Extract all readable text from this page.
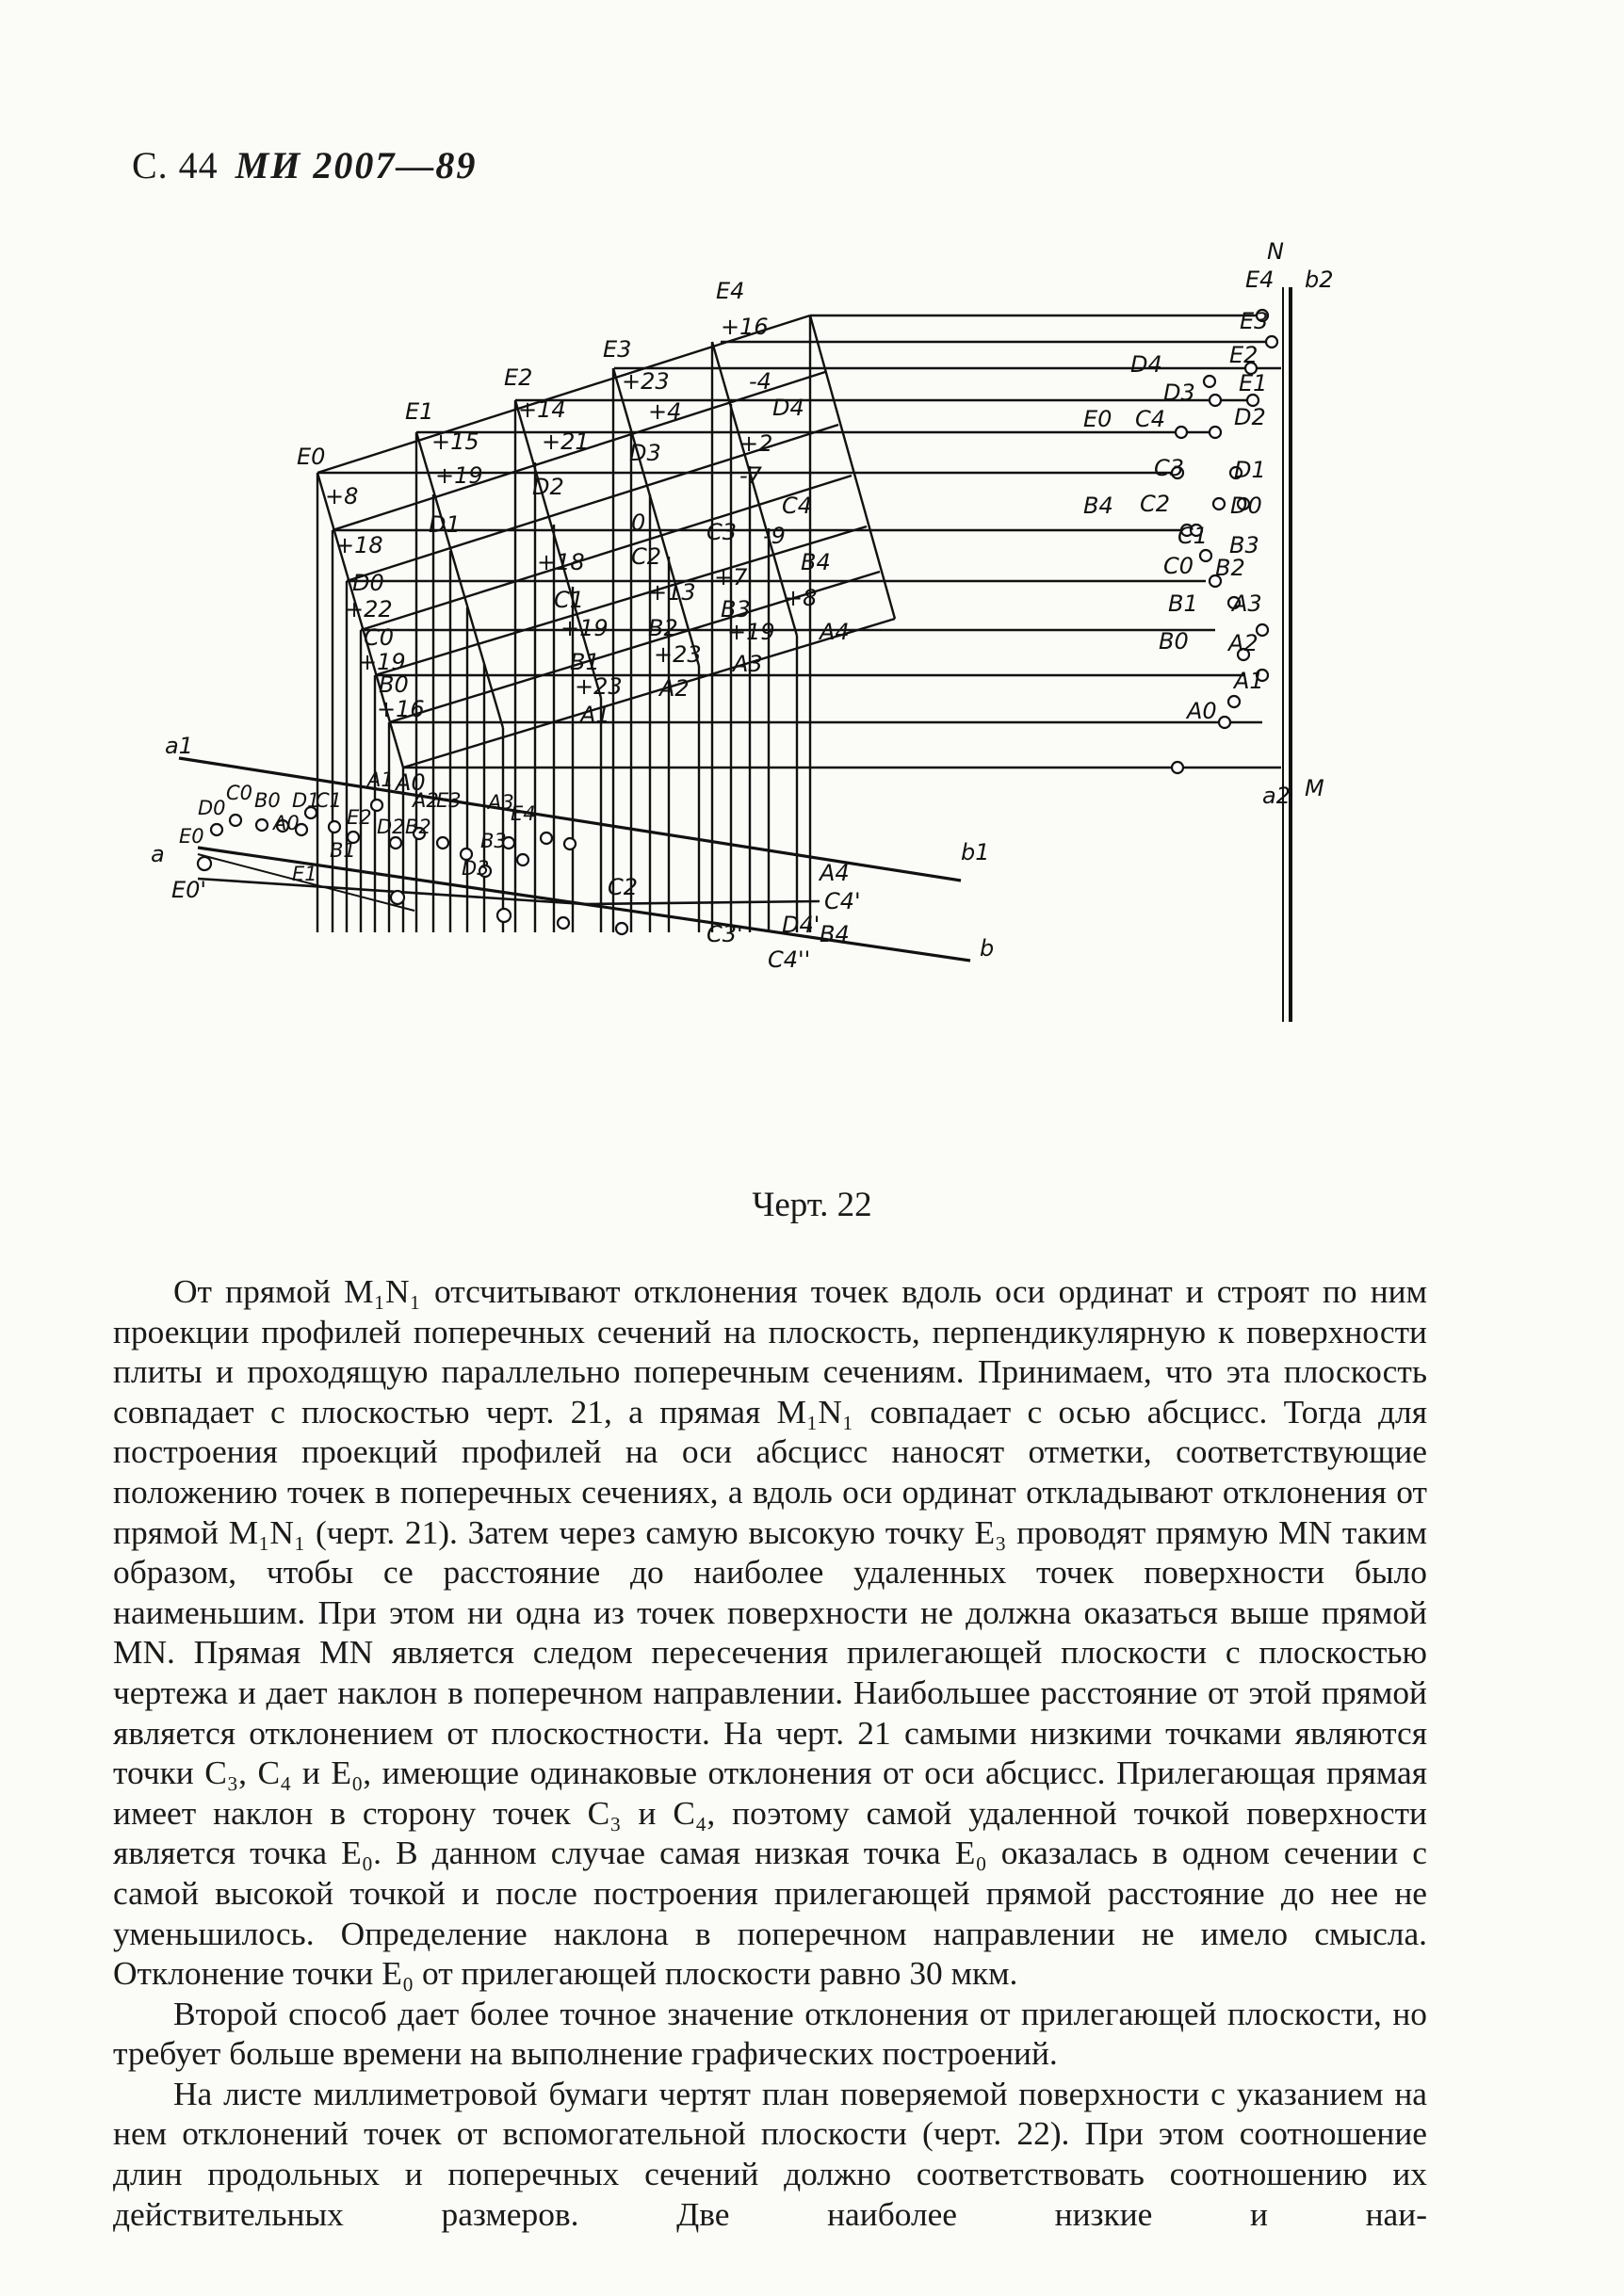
С. 44 МИ 2007—89
E0
+8
+18
D0
+22
C0
+19
B0
+16
A0
E1
E2
E3
E4
+15
+14
+23
+16
+19
+21
+4
-4
D1
D2
D3
D4
+18
0
-7
+2
C1
C2
C3
C4
-9
+19
+13
+7
+8
B4
B1
B2
B3
+19
+23
+23
A4
A3
A2
A1
E4
E3
E2
E1
D4
D3
D2
D1
D0
E0 C4
C3
C2
B4
C1 B3
C0 B2
B1 A3
B0 A2
A1
A0
a2
b2
M
N
a1
b1
a
b
E0'	C4'
C2
C3'
A4
B4
D4'
C4''
C0
D0 B0
A0
D1
C1
B1
E2
A1
D2 B2
A2
E3
D3
B3
A3
E4
E1
E0
Черт. 22

От прямой M₁N₁ отсчитывают отклонения точек вдоль оси ординат и строят по ним проекции профилей поперечных сечений на плоскость, перпендикулярную к поверхности плиты и проходящую параллельно поперечным сечениям. Принимаем, что эта плоскость совпадает с плоскостью черт. 21, а прямая M₁N₁ совпадает с осью абсцисс. Тогда для построения проекций профилей на оси абсцисс наносят отметки, соответствующие положению точек в поперечных сечениях, а вдоль оси ординат откладывают отклонения от прямой M₁N₁ (черт. 21). Затем через самую высокую точку E₃ проводят прямую MN таким образом, чтобы се расстояние до наиболее удаленных точек поверхности было наименьшим. При этом ни одна из точек поверхности не должна оказаться выше прямой MN. Прямая MN является следом пересечения прилегающей плоскости с плоскостью чертежа и дает наклон в поперечном направлении. Наибольшее расстояние от этой прямой является отклонением от плоскостности. На черт. 21 самыми низкими точками являются точки C₃, C₄ и E₀, имеющие одинаковые отклонения от оси абсцисс. Прилегающая прямая имеет наклон в сторону точек C₃ и C₄, поэтому самой удаленной точкой поверхности является точка E₀. В данном случае самая низкая точка E₀ оказалась в одном сечении с самой высокой точкой и после построения прилегающей прямой расстояние до нее не уменьшилось. Определение наклона в поперечном направлении не имело смысла. Отклонение точки E₀ от прилегающей плоскости равно 30 мкм.

Второй способ дает более точное значение отклонения от прилегающей плоскости, но требует больше времени на выполнение графических построений.

На листе миллиметровой бумаги чертят план поверяемой поверхности с указанием на нем отклонений точек от вспомогательной плоскости (черт. 22). При этом соотношение длин продольных и поперечных сечений должно соответствовать соотношению их действительных размеров. Две наиболее низкие и наи-
